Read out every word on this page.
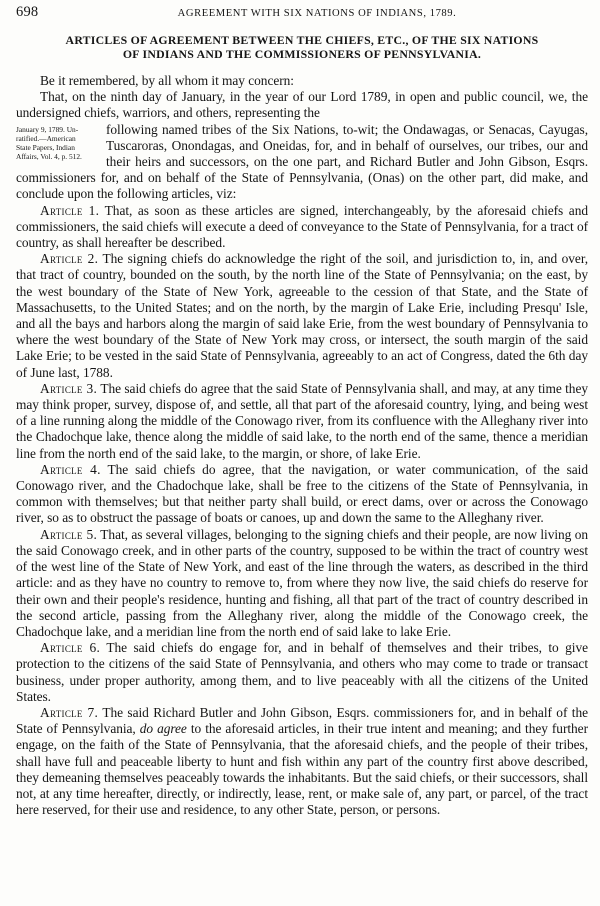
698	AGREEMENT WITH SIX NATIONS OF INDIANS, 1789.
ARTICLES OF AGREEMENT BETWEEN THE CHIEFS, ETC., OF THE SIX NATIONS
OF INDIANS AND THE COMMISSIONERS OF PENNSYLVANIA.

Be it remembered, by all whom it may concern:

That, on the ninth day of January, in the year of our Lord 1789, in open and public council, we, the undersigned chiefs, warriors, and others, representing the

January 9, 1789. Un-
ratified.—American
State Papers, Indian
Affairs, Vol. 4, p. 512.

following named tribes of the Six Nations, to-wit; the Ondawagas, or Senacas, Cayugas, Tuscaroras, Onondagas, and Oneidas, for, and in behalf of ourselves, our tribes, our and their heirs and successors, on the one part, and Richard Butler and John Gibson, Esqrs. commissioners for, and on behalf of the State of Pennsylvania, (Onas) on the other part, did make, and conclude upon the following articles, viz:

Article 1. That, as soon as these articles are signed, interchangeably, by the aforesaid chiefs and commissioners, the said chiefs will execute a deed of conveyance to the State of Pennsylvania, for a tract of country, as shall hereafter be described.

Article 2. The signing chiefs do acknowledge the right of the soil, and jurisdiction to, in, and over, that tract of country, bounded on the south, by the north line of the State of Pennsylvania; on the east, by the west boundary of the State of New York, agreeable to the cession of that State, and the State of Massachusetts, to the United States; and on the north, by the margin of Lake Erie, including Presqu' Isle, and all the bays and harbors along the margin of said lake Erie, from the west boundary of Pennsylvania to where the west boundary of the State of New York may cross, or intersect, the south margin of the said Lake Erie; to be vested in the said State of Pennsylvania, agreeably to an act of Congress, dated the 6th day of June last, 1788.

Article 3. The said chiefs do agree that the said State of Pennsylvania shall, and may, at any time they may think proper, survey, dispose of, and settle, all that part of the aforesaid country, lying, and being west of a line running along the middle of the Conowago river, from its confluence with the Alleghany river into the Chadochque lake, thence along the middle of said lake, to the north end of the same, thence a meridian line from the north end of the said lake, to the margin, or shore, of lake Erie.

Article 4. The said chiefs do agree, that the navigation, or water communication, of the said Conowago river, and the Chadochque lake, shall be free to the citizens of the State of Pennsylvania, in common with themselves; but that neither party shall build, or erect dams, over or across the Conowago river, so as to obstruct the passage of boats or canoes, up and down the same to the Alleghany river.

Article 5. That, as several villages, belonging to the signing chiefs and their people, are now living on the said Conowago creek, and in other parts of the country, supposed to be within the tract of country west of the west line of the State of New York, and east of the line through the waters, as described in the third article: and as they have no country to remove to, from where they now live, the said chiefs do reserve for their own and their people's residence, hunting and fishing, all that part of the tract of country described in the second article, passing from the Alleghany river, along the middle of the Conowago creek, the Chadochque lake, and a meridian line from the north end of said lake to lake Erie.

Article 6. The said chiefs do engage for, and in behalf of themselves and their tribes, to give protection to the citizens of the said State of Pennsylvania, and others who may come to trade or transact business, under proper authority, among them, and to live peaceably with all the citizens of the United States.

Article 7. The said Richard Butler and John Gibson, Esqrs. commissioners for, and in behalf of the State of Pennsylvania, do agree to the aforesaid articles, in their true intent and meaning; and they further engage, on the faith of the State of Pennsylvania, that the aforesaid chiefs, and the people of their tribes, shall have full and peaceable liberty to hunt and fish within any part of the country first above described, they demeaning themselves peaceably towards the inhabitants. But the said chiefs, or their successors, shall not, at any time hereafter, directly, or indirectly, lease, rent, or make sale of, any part, or parcel, of the tract here reserved, for their use and residence, to any other State, person, or persons.
